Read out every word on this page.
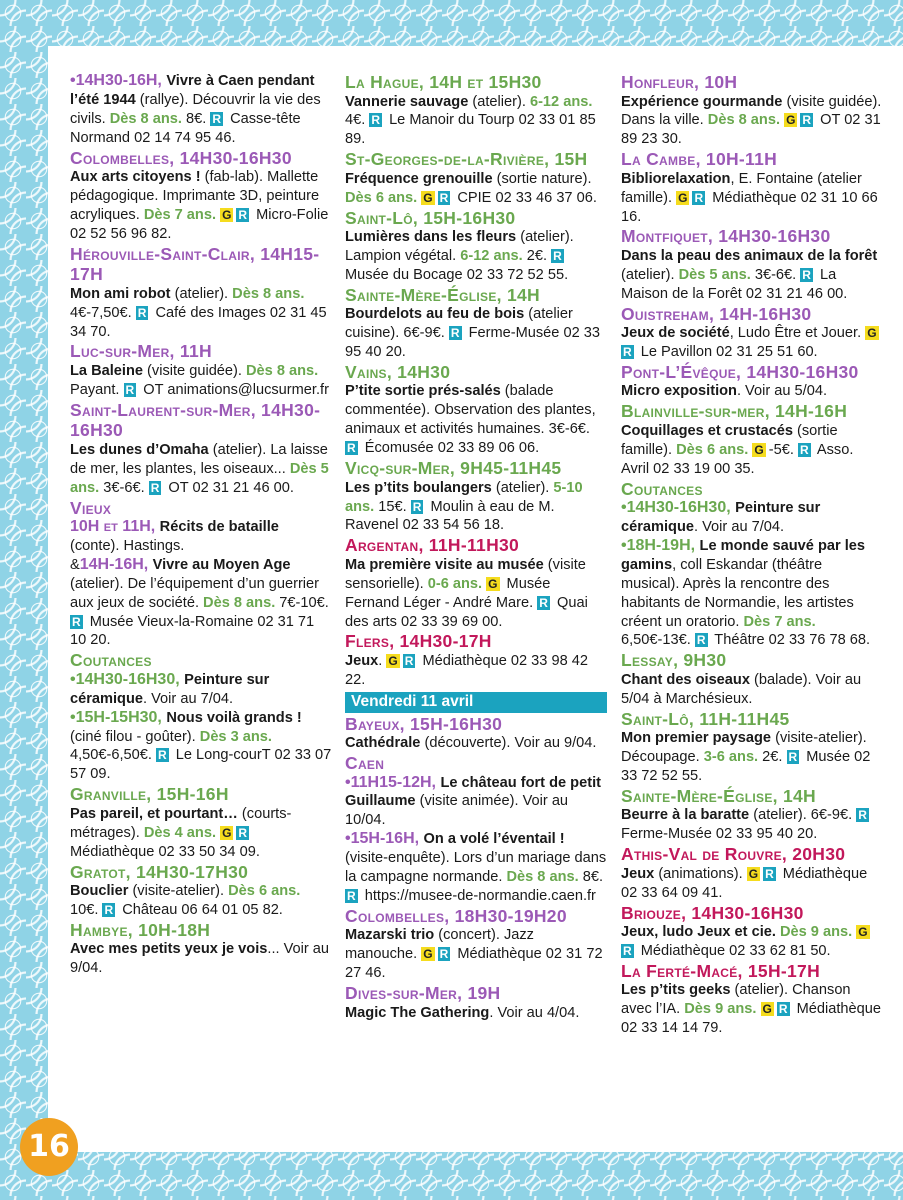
•14H30-16H, Vivre à Caen pendant l’été 1944 (rallye). Découvrir la vie des civils. Dès 8 ans. 8€. R Casse-tête Normand 02 14 74 95 46.
Colombelles, 14H30-16H30
Aux arts citoyens ! (fab-lab). Mallette pédagogique. Imprimante 3D, peinture acryliques. Dès 7 ans. G R Micro-Folie 02 52 56 96 82.
Hérouville-Saint-Clair, 14H15-17H
Mon ami robot (atelier). Dès 8 ans. 4€-7,50€. R Café des Images 02 31 45 34 70.
Luc-sur-Mer, 11H
La Baleine (visite guidée). Dès 8 ans. Payant. R OT animations@lucsurmer.fr
Saint-Laurent-sur-Mer, 14H30-16H30
Les dunes d’Omaha (atelier). La laisse de mer, les plantes, les oiseaux... Dès 5 ans. 3€-6€. R OT 02 31 21 46 00.
Vieux
10H et 11H, Récits de bataille (conte). Hastings.
&14H-16H, Vivre au Moyen Age (atelier). De l’équipement d’un guerrier aux jeux de société. Dès 8 ans. 7€-10€. R Musée Vieux-la-Romaine 02 31 71 10 20.
Coutances
•14H30-16H30, Peinture sur céramique. Voir au 7/04.
•15H-15H30, Nous voilà grands ! (ciné filou - goûter). Dès 3 ans. 4,50€-6,50€. R Le Long-courT 02 33 07 57 09.
Granville, 15H-16H
Pas pareil, et pourtant… (courts-métrages). Dès 4 ans. G R Médiathèque 02 33 50 34 09.
Gratot, 14H30-17H30
Bouclier (visite-atelier). Dès 6 ans. 10€. R Château 06 64 01 05 82.
Hambye, 10H-18H
Avec mes petits yeux je vois... Voir au 9/04.
La Hague, 14H et 15H30
Vannerie sauvage (atelier). 6-12 ans. 4€. R Le Manoir du Tourp 02 33 01 85 89.
St-Georges-de-la-Rivière, 15H
Fréquence grenouille (sortie nature). Dès 6 ans. G R CPIE 02 33 46 37 06.
Saint-Lô, 15H-16H30
Lumières dans les fleurs (atelier). Lampion végétal. 6-12 ans. 2€. R Musée du Bocage 02 33 72 52 55.
Sainte-Mère-Église, 14H
Bourdelots au feu de bois (atelier cuisine). 6€-9€. R Ferme-Musée 02 33 95 40 20.
Vains, 14H30
P’tite sortie prés-salés (balade commentée). Observation des plantes, animaux et activités humaines. 3€-6€. R Écomusée 02 33 89 06 06.
Vicq-sur-Mer, 9H45-11H45
Les p’tits boulangers (atelier). 5-10 ans. 15€. R Moulin à eau de M. Ravenel 02 33 54 56 18.
Argentan, 11H-11H30
Ma première visite au musée (visite sensorielle). 0-6 ans. G Musée Fernand Léger - André Mare. R Quai des arts 02 33 39 69 00.
Flers, 14H30-17H
Jeux. G R Médiathèque 02 33 98 42 22.
Vendredi 11 avril
Bayeux, 15H-16H30
Cathédrale (découverte). Voir au 9/04.
Caen
•11H15-12H, Le château fort de petit Guillaume (visite animée). Voir au 10/04.
•15H-16H, On a volé l’éventail ! (visite-enquête). Lors d’un mariage dans la campagne normande. Dès 8 ans. 8€. R https://musee-de-normandie.caen.fr
Colombelles, 18H30-19H20
Mazarski trio (concert). Jazz manouche. G R Médiathèque 02 31 72 27 46.
Dives-sur-Mer, 19H
Magic The Gathering. Voir au 4/04.
Honfleur, 10H
Expérience gourmande (visite guidée). Dans la ville. Dès 8 ans. G R OT 02 31 89 23 30.
La Cambe, 10H-11H
Bibliorelaxation, E. Fontaine (atelier famille). G R Médiathèque 02 31 10 66 16.
Montfiquet, 14H30-16H30
Dans la peau des animaux de la forêt (atelier). Dès 5 ans. 3€-6€. R La Maison de la Forêt 02 31 21 46 00.
Ouistreham, 14H-16H30
Jeux de société, Ludo Être et Jouer. GR Le Pavillon 02 31 25 51 60.
Pont-L’Évêque, 14H30-16H30
Micro exposition. Voir au 5/04.
Blainville-sur-mer, 14H-16H
Coquillages et crustacés (sortie famille). Dès 6 ans. G -5€. R Asso. Avril 02 33 19 00 35.
Coutances
•14H30-16H30, Peinture sur céramique. Voir au 7/04.
•18H-19H, Le monde sauvé par les gamins, coll Eskandar (théâtre musical). Après la rencontre des habitants de Normandie, les artistes créent un oratorio. Dès 7 ans. 6,50€-13€. R Théâtre 02 33 76 78 68.
Lessay, 9H30
Chant des oiseaux (balade). Voir au 5/04 à Marchésieux.
Saint-Lô, 11H-11H45
Mon premier paysage (visite-atelier). Découpage. 3-6 ans. 2€. R Musée 02 33 72 52 55.
Sainte-Mère-Église, 14H
Beurre à la baratte (atelier). 6€-9€. R Ferme-Musée 02 33 95 40 20.
Athis-Val de Rouvre, 20H30
Jeux (animations). G R Médiathèque 02 33 64 09 41.
Briouze, 14H30-16H30
Jeux, ludo Jeux et cie. Dès 9 ans. GR Médiathèque 02 33 62 81 50.
La Ferté-Macé, 15H-17H
Les p’tits geeks (atelier). Chanson avec l’IA. Dès 9 ans. G R Médiathèque 02 33 14 14 79.
16
